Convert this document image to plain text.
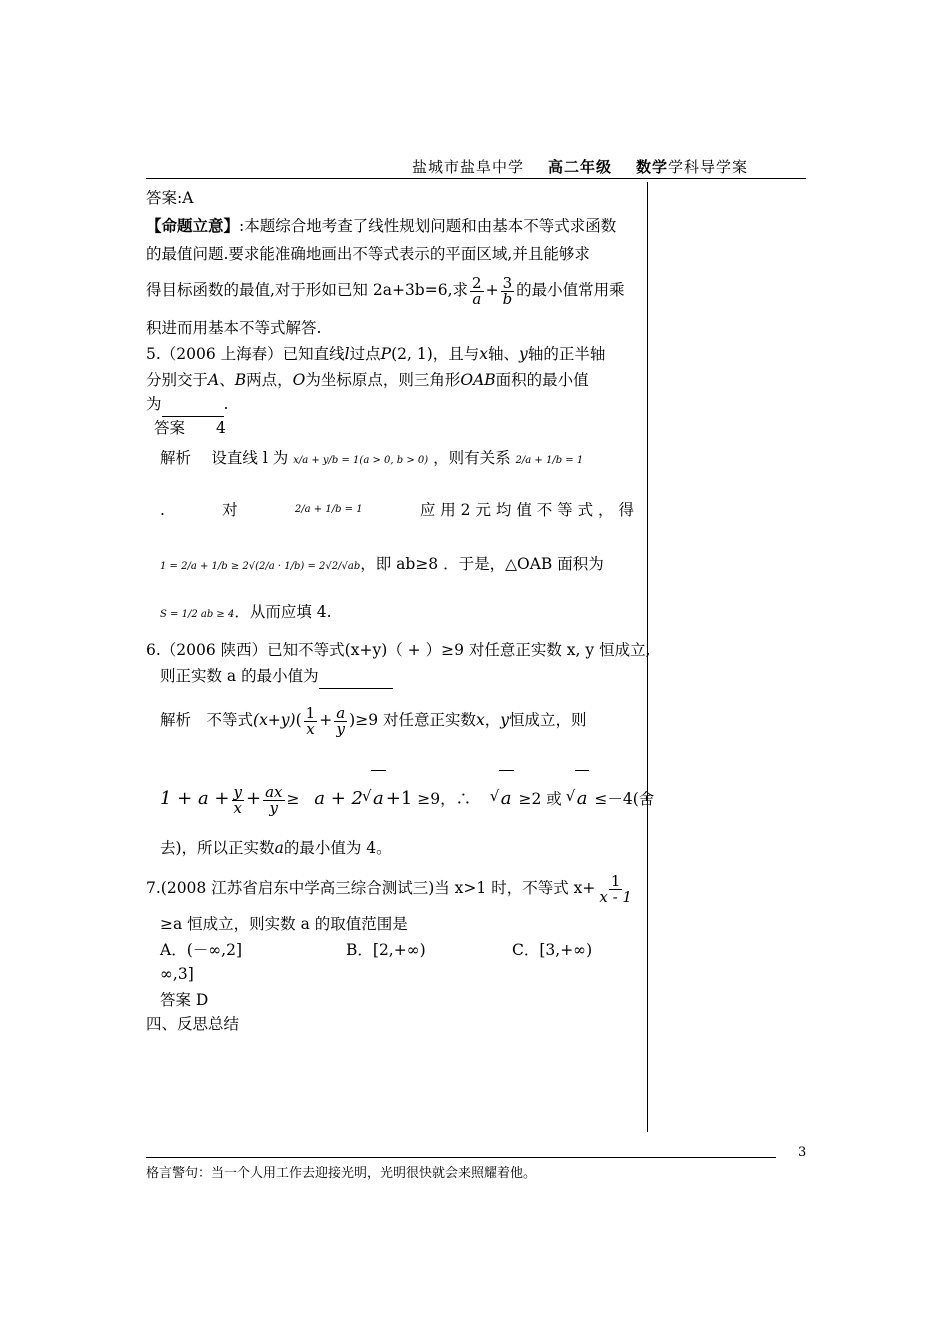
盐城市盐阜中学 高二年级 数学学科导学案
答案:A
【命题立意】:本题综合地考查了线性规划问题和由基本不等式求函数
的最值问题.要求能准确地画出不等式表示的平面区域,并且能够求
得目标函数的最值,对于形如已知 2a+3b=6,求 $\frac{2}{a} + \frac{3}{b}$ 的最小值常用乘
积进而用基本不等式解答.
5.（2006 上海春）已知直线l过点P(2, 1)，且与x轴、y轴的正半轴
分别交于A、B两点，O为坐标原点，则三角形OAB面积的最小值
为	.
答案　　4
解析　 设直线 l 为 x/a + y/b = 1(a > 0, b > 0) ，则有关系 2/a + 1/b = 1
.	对	2/a + 1/b = 1	应 用 2 元 均 值 不 等 式 ， 得
1 = 2/a + 1/b ≥ 2√(2/a · 1/b) = 2√2/√ab，即 ab≥8 ．于是，△OAB 面积为
S = 1/2 ab ≥ 4．从而应填 4.
6.（2006 陕西）已知不等式(x+y)（ + ）≥9 对任意正实数 x, y 恒成立,
则正实数 a 的最小值为
解析　不等式$(x+y)( \frac{1}{x} + \frac{a}{y} )\ge 9$ 对任意正实数x，y恒成立，则
$1 + a + \frac{y}{x} + \frac{ax}{y} \ge a + 2√$ a +1 ≥9，∴    √ a ≥2 或 √ a ≤－4(舍
去)，所以正实数a的最小值为 4。
7.(2008 江苏省启东中学高三综合测试三)当 x>1 时，不等式 $x+ \frac{1}{x - 1}$
≥a 恒成立，则实数 a 的取值范围是
A．(－∞,2]	B．[2,+∞)	C．[3,+∞)
∞,3]
答案 D
四、反思总结
3
格言警句：当一个人用工作去迎接光明，光明很快就会来照耀着他。
